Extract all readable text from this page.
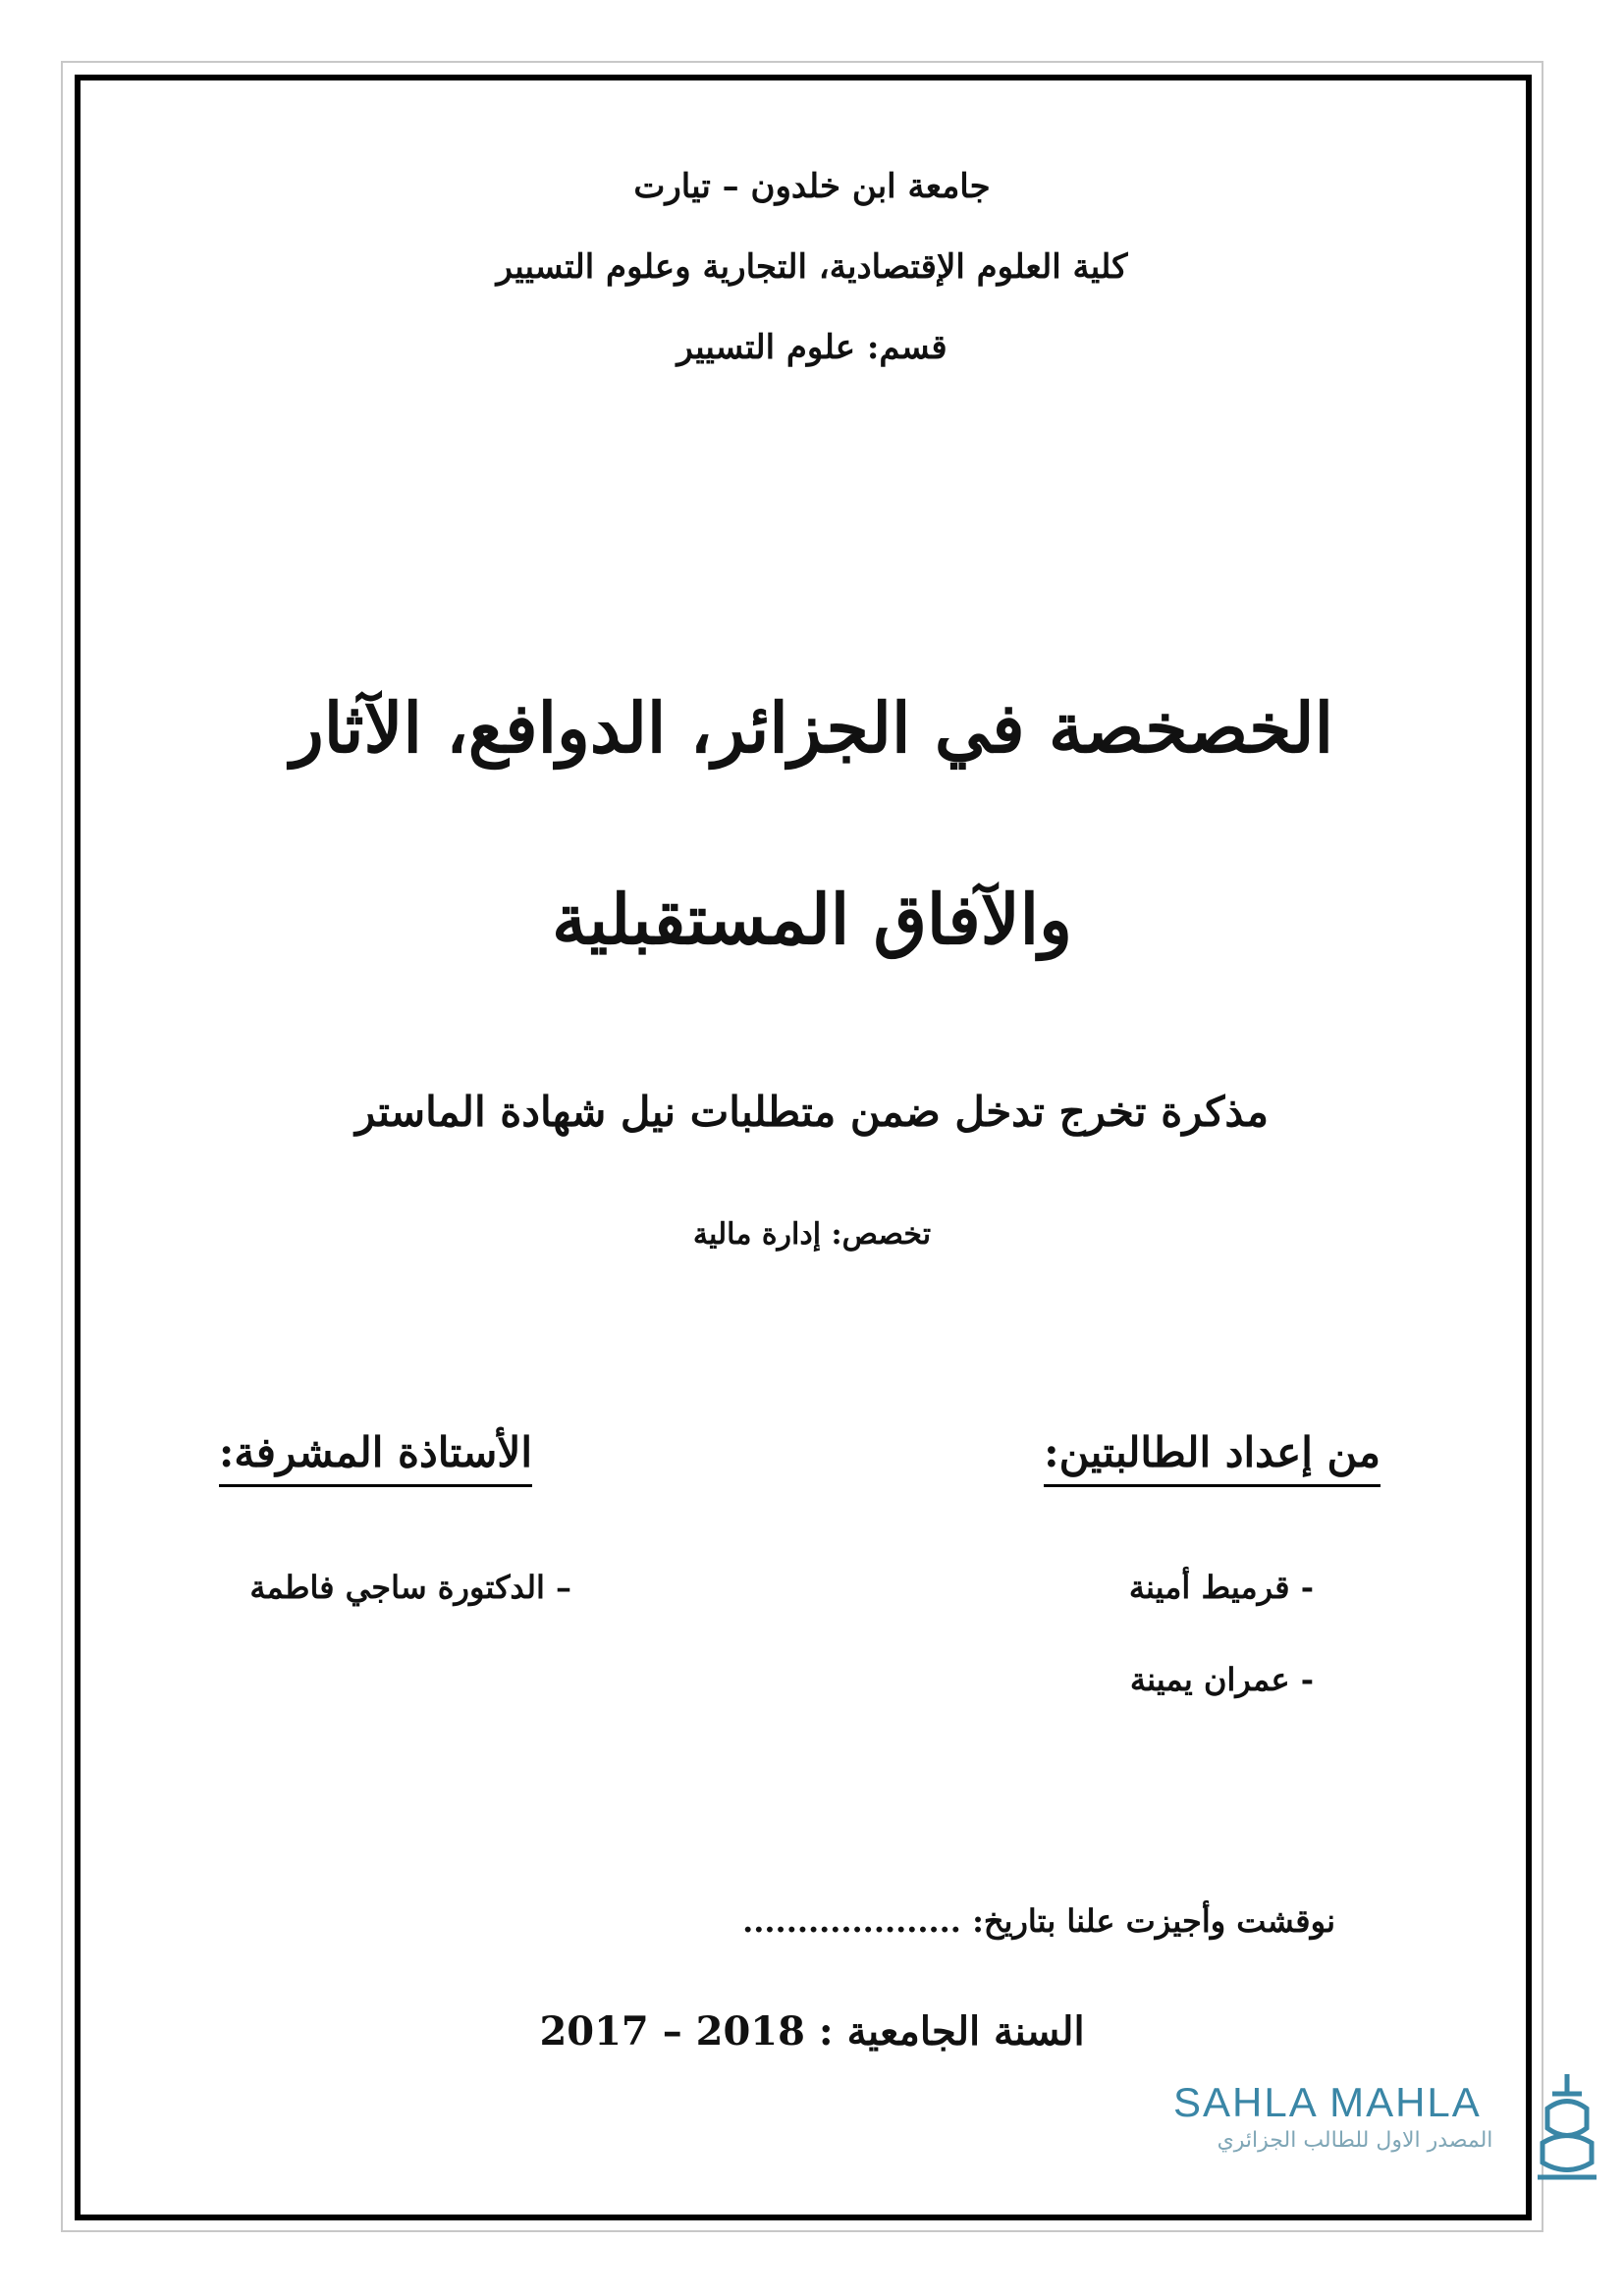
جامعة ابن خلدون – تيارت
كلية العلوم الإقتصادية، التجارية وعلوم التسيير
قسم: علوم التسيير
الخصخصة في الجزائر، الدوافع، الآثار
والآفاق المستقبلية
مذكرة تخرج تدخل ضمن متطلبات نيل شهادة الماستر
تخصص: إدارة مالية
من إعداد الطالبتين:
- قرميط أمينة
- عمران يمينة
الأستاذة المشرفة:
– الدكتورة ساجي فاطمة
نوقشت وأجيزت علنا بتاريخ: ....................
السنة الجامعية : 2017 – 2018
SAHLA MAHLA
المصدر الاول للطالب الجزائري
